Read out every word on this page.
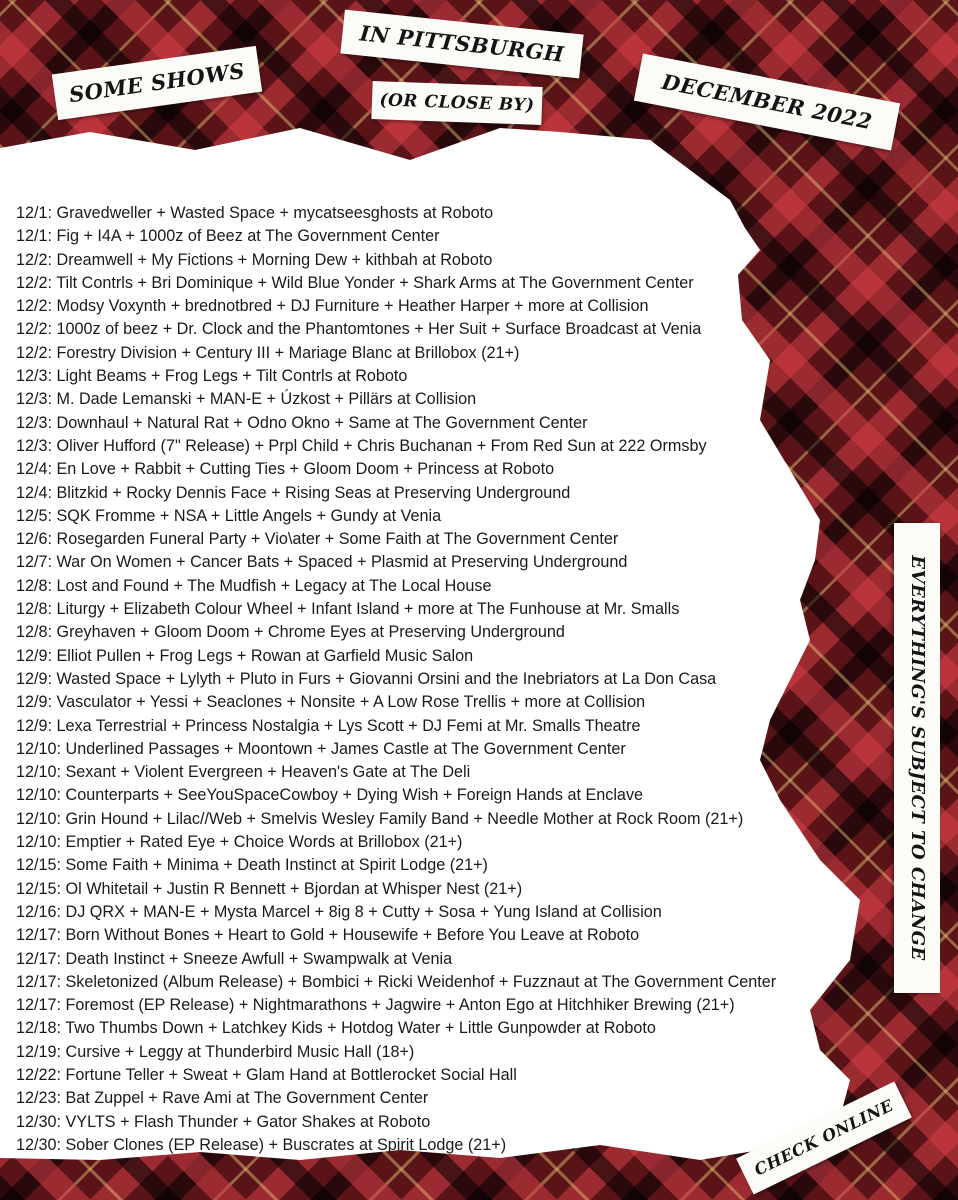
SOME SHOWS
IN PITTSBURGH
(OR CLOSE BY)	DECEMBER 2022
EVERYTHING'S SUBJECT TO CHANGE
CHECK ONLINE
12/1: Gravedweller + Wasted Space + mycatseesghosts at Roboto
12/1: Fig + I4A + 1000z of Beez at The Government Center
12/2: Dreamwell + My Fictions + Morning Dew + kithbah at Roboto
12/2: Tilt Contrls + Bri Dominique + Wild Blue Yonder + Shark Arms at The Government Center
12/2: Modsy Voxynth + brednotbred + DJ Furniture + Heather Harper + more at Collision
12/2: 1000z of beez + Dr. Clock and the Phantomtones + Her Suit + Surface Broadcast at Venia
12/2: Forestry Division + Century III + Mariage Blanc at Brillobox (21+)
12/3: Light Beams + Frog Legs + Tilt Contrls at Roboto
12/3: M. Dade Lemanski + MAN-E + Úzkost + Pillärs at Collision
12/3: Downhaul + Natural Rat + Odno Okno + Same at The Government Center
12/3: Oliver Hufford (7" Release) + Prpl Child + Chris Buchanan + From Red Sun at 222 Ormsby
12/4: En Love + Rabbit + Cutting Ties + Gloom Doom + Princess at Roboto
12/4: Blitzkid + Rocky Dennis Face + Rising Seas at Preserving Underground
12/5: SQK Fromme + NSA + Little Angels + Gundy at Venia
12/6: Rosegarden Funeral Party + Vio\ater + Some Faith at The Government Center
12/7: War On Women + Cancer Bats + Spaced + Plasmid at Preserving Underground
12/8: Lost and Found + The Mudfish + Legacy at The Local House
12/8: Liturgy + Elizabeth Colour Wheel + Infant Island + more at The Funhouse at Mr. Smalls
12/8: Greyhaven + Gloom Doom + Chrome Eyes at Preserving Underground
12/9: Elliot Pullen + Frog Legs + Rowan at Garfield Music Salon
12/9: Wasted Space + Lylyth + Pluto in Furs + Giovanni Orsini and the Inebriators at La Don Casa
12/9: Vasculator + Yessi + Seaclones + Nonsite + A Low Rose Trellis + more at Collision
12/9: Lexa Terrestrial + Princess Nostalgia + Lys Scott + DJ Femi at Mr. Smalls Theatre
12/10: Underlined Passages + Moontown + James Castle at The Government Center
12/10: Sexant + Violent Evergreen + Heaven's Gate at The Deli
12/10: Counterparts + SeeYouSpaceCowboy + Dying Wish + Foreign Hands at Enclave
12/10: Grin Hound + Lilac//Web + Smelvis Wesley Family Band + Needle Mother at Rock Room (21+)
12/10: Emptier + Rated Eye + Choice Words at Brillobox (21+)
12/15: Some Faith + Minima + Death Instinct at Spirit Lodge (21+)
12/15: Ol Whitetail + Justin R Bennett + Bjordan at Whisper Nest (21+)
12/16: DJ QRX + MAN-E + Mysta Marcel + 8ig 8 + Cutty + Sosa + Yung Island at Collision
12/17: Born Without Bones + Heart to Gold + Housewife + Before You Leave at Roboto
12/17: Death Instinct + Sneeze Awfull + Swampwalk at Venia
12/17: Skeletonized (Album Release) + Bombici + Ricki Weidenhof + Fuzznaut at The Government Center
12/17: Foremost (EP Release) + Nightmarathons + Jagwire + Anton Ego at Hitchhiker Brewing (21+)
12/18: Two Thumbs Down + Latchkey Kids + Hotdog Water + Little Gunpowder at Roboto
12/19: Cursive + Leggy at Thunderbird Music Hall (18+)
12/22: Fortune Teller + Sweat + Glam Hand at Bottlerocket Social Hall
12/23: Bat Zuppel + Rave Ami at The Government Center
12/30: VYLTS + Flash Thunder + Gator Shakes at Roboto
12/30: Sober Clones (EP Release) + Buscrates at Spirit Lodge (21+)
